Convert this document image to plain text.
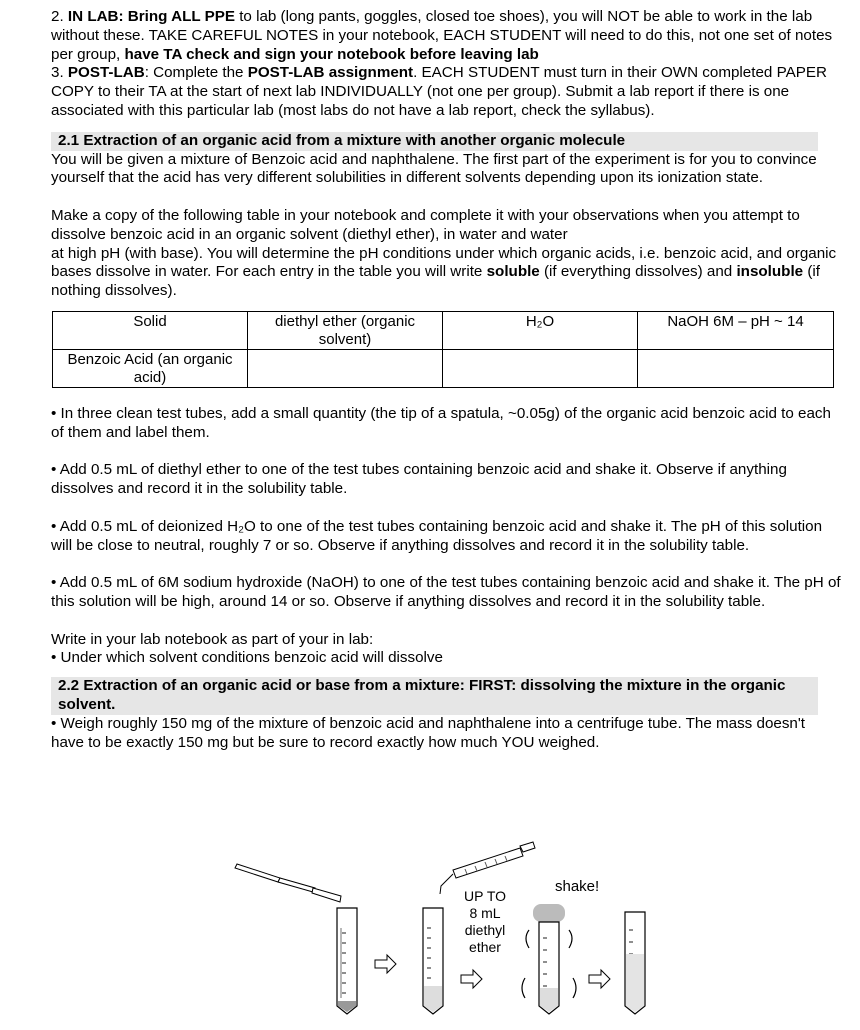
2. IN LAB: Bring ALL PPE to lab (long pants, goggles, closed toe shoes), you will NOT be able to work in the lab without these. TAKE CAREFUL NOTES in your notebook, EACH STUDENT will need to do this, not one set of notes per group, have TA check and sign your notebook before leaving lab

3. POST-LAB: Complete the POST-LAB assignment. EACH STUDENT must turn in their OWN completed PAPER COPY to their TA at the start of next lab INDIVIDUALLY (not one per group). Submit a lab report if there is one associated with this particular lab (most labs do not have a lab report, check the syllabus).

2.1 Extraction of an organic acid from a mixture with another organic molecule

You will be given a mixture of Benzoic acid and naphthalene. The first part of the experiment is for you to convince yourself that the acid has very different solubilities in different solvents depending upon its ionization state.

Make a copy of the following table in your notebook and complete it with your observations when you attempt to dissolve benzoic acid in an organic solvent (diethyl ether), in water and water
at high pH (with base). You will determine the pH conditions under which organic acids, i.e. benzoic acid, and organic bases dissolve in water. For each entry in the table you will write soluble (if everything dissolves) and insoluble (if nothing dissolves).

Solid	diethyl ether (organic solvent)	H₂O	NaOH 6M – pH ~ 14
Benzoic Acid (an organic acid)			

• In three clean test tubes, add a small quantity (the tip of a spatula, ~0.05g) of the organic acid benzoic acid to each of them and label them.

• Add 0.5 mL of diethyl ether to one of the test tubes containing benzoic acid and shake it. Observe if anything dissolves and record it in the solubility table.

• Add 0.5 mL of deionized H₂O to one of the test tubes containing benzoic acid and shake it. The pH of this solution will be close to neutral, roughly 7 or so. Observe if anything dissolves and record it in the solubility table.

• Add 0.5 mL of 6M sodium hydroxide (NaOH) to one of the test tubes containing benzoic acid and shake it. The pH of this solution will be high, around 14 or so. Observe if anything dissolves and record it in the solubility table.

Write in your lab notebook as part of your in lab:

• Under which solvent conditions benzoic acid will dissolve

2.2 Extraction of an organic acid or base from a mixture: FIRST: dissolving the mixture in the organic solvent.

• Weigh roughly 150 mg of the mixture of benzoic acid and naphthalene into a centrifuge tube. The mass doesn't have to be exactly 150 mg but be sure to record exactly how much YOU weighed.

UP TO
8 mL
diethyl
ether
shake!
